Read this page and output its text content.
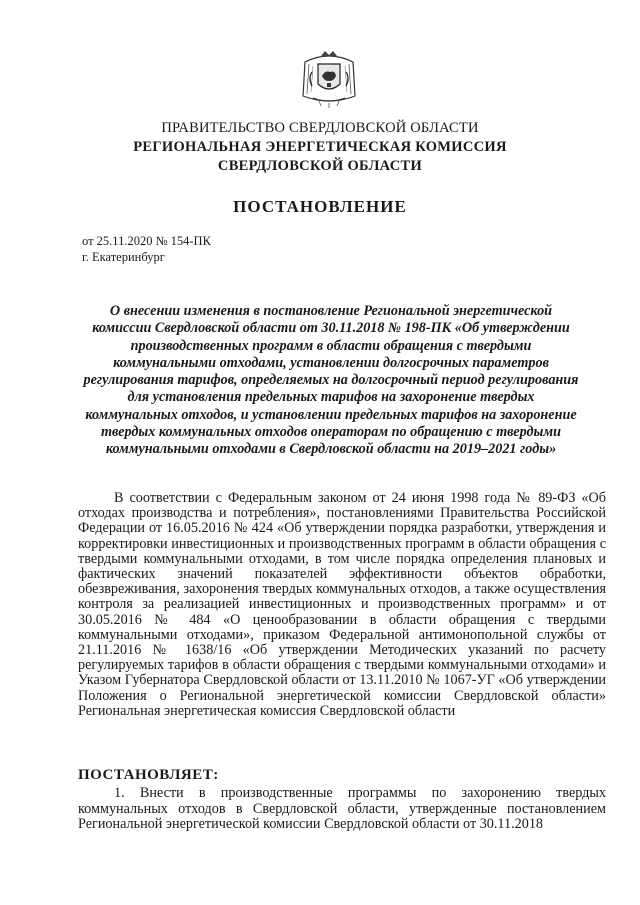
ПРАВИТЕЛЬСТВО СВЕРДЛОВСКОЙ ОБЛАСТИ
РЕГИОНАЛЬНАЯ ЭНЕРГЕТИЧЕСКАЯ КОМИССИЯ
СВЕРДЛОВСКОЙ ОБЛАСТИ
ПОСТАНОВЛЕНИЕ
от 25.11.2020 № 154-ПК
г. Екатеринбург
О внесении изменения в постановление Региональной энергетической комиссии Свердловской области от 30.11.2018 № 198-ПК «Об утверждении производственных программ в области обращения с твердыми коммунальными отходами, установлении долгосрочных параметров регулирования тарифов, определяемых на долгосрочный период регулирования для установления предельных тарифов на захоронение твердых коммунальных отходов, и установлении предельных тарифов на захоронение твердых коммунальных отходов операторам по обращению с твердыми коммунальными отходами в Свердловской области на 2019–2021 годы»
В соответствии с Федеральным законом от 24 июня 1998 года № 89-ФЗ «Об отходах производства и потребления», постановлениями Правительства Российской Федерации от 16.05.2016 № 424 «Об утверждении порядка разработки, утверждения и корректировки инвестиционных и производственных программ в области обращения с твердыми коммунальными отходами, в том числе порядка определения плановых и фактических значений показателей эффективности объектов обработки, обезвреживания, захоронения твердых коммунальных отходов, а также осуществления контроля за реализацией инвестиционных и производственных программ» и от 30.05.2016 № 484 «О ценообразовании в области обращения с твердыми коммунальными отходами», приказом Федеральной антимонопольной службы от 21.11.2016 № 1638/16 «Об утверждении Методических указаний по расчету регулируемых тарифов в области обращения с твердыми коммунальными отходами» и Указом Губернатора Свердловской области от 13.11.2010 № 1067-УГ «Об утверждении Положения о Региональной энергетической комиссии Свердловской области» Региональная энергетическая комиссия Свердловской области
ПОСТАНОВЛЯЕТ:
1. Внести в производственные программы по захоронению твердых коммунальных отходов в Свердловской области, утвержденные постановлением Региональной энергетической комиссии Свердловской области от 30.11.2018
